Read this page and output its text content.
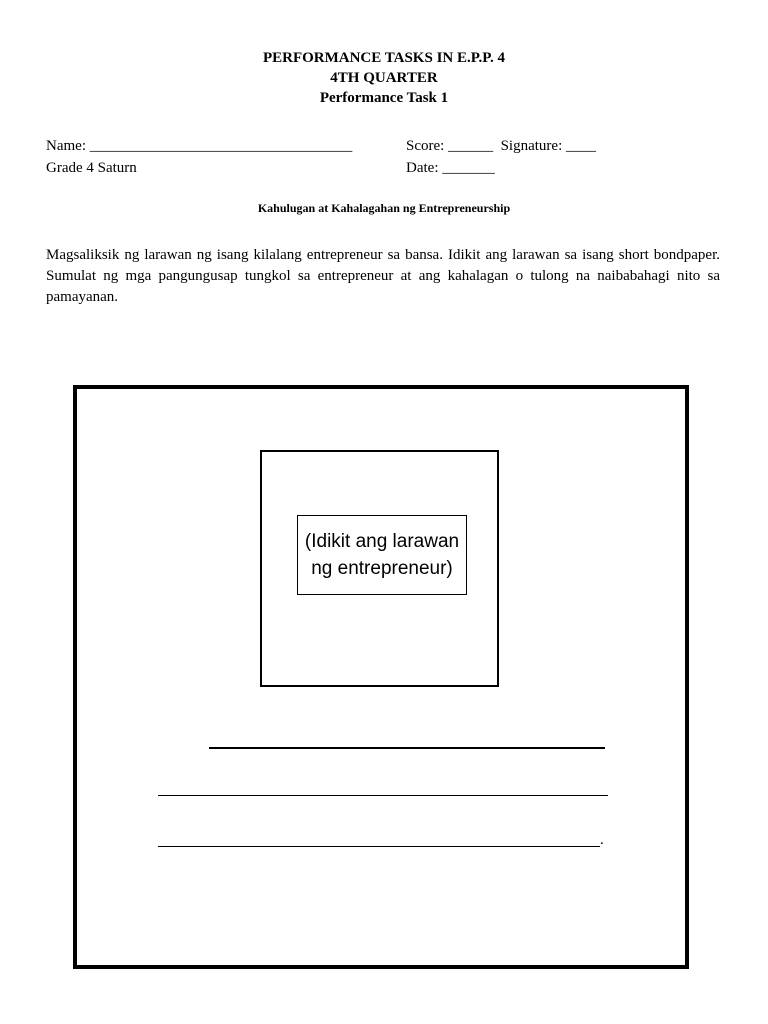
PERFORMANCE TASKS IN E.P.P. 4
4TH QUARTER
Performance Task 1
Name: ___________________________________	Score: ______ Signature: ____
Grade 4 Saturn	Date: _______
Kahulugan at Kahalagahan ng Entrepreneurship
Magsaliksik ng larawan ng isang kilalang entrepreneur sa bansa. Idikit ang larawan sa isang short bondpaper. Sumulat ng mga pangungusap tungkol sa entrepreneur at ang kahalagan o tulong na naibabahagi nito sa pamayanan.
(Idikit ang larawan
ng entrepreneur)
.
